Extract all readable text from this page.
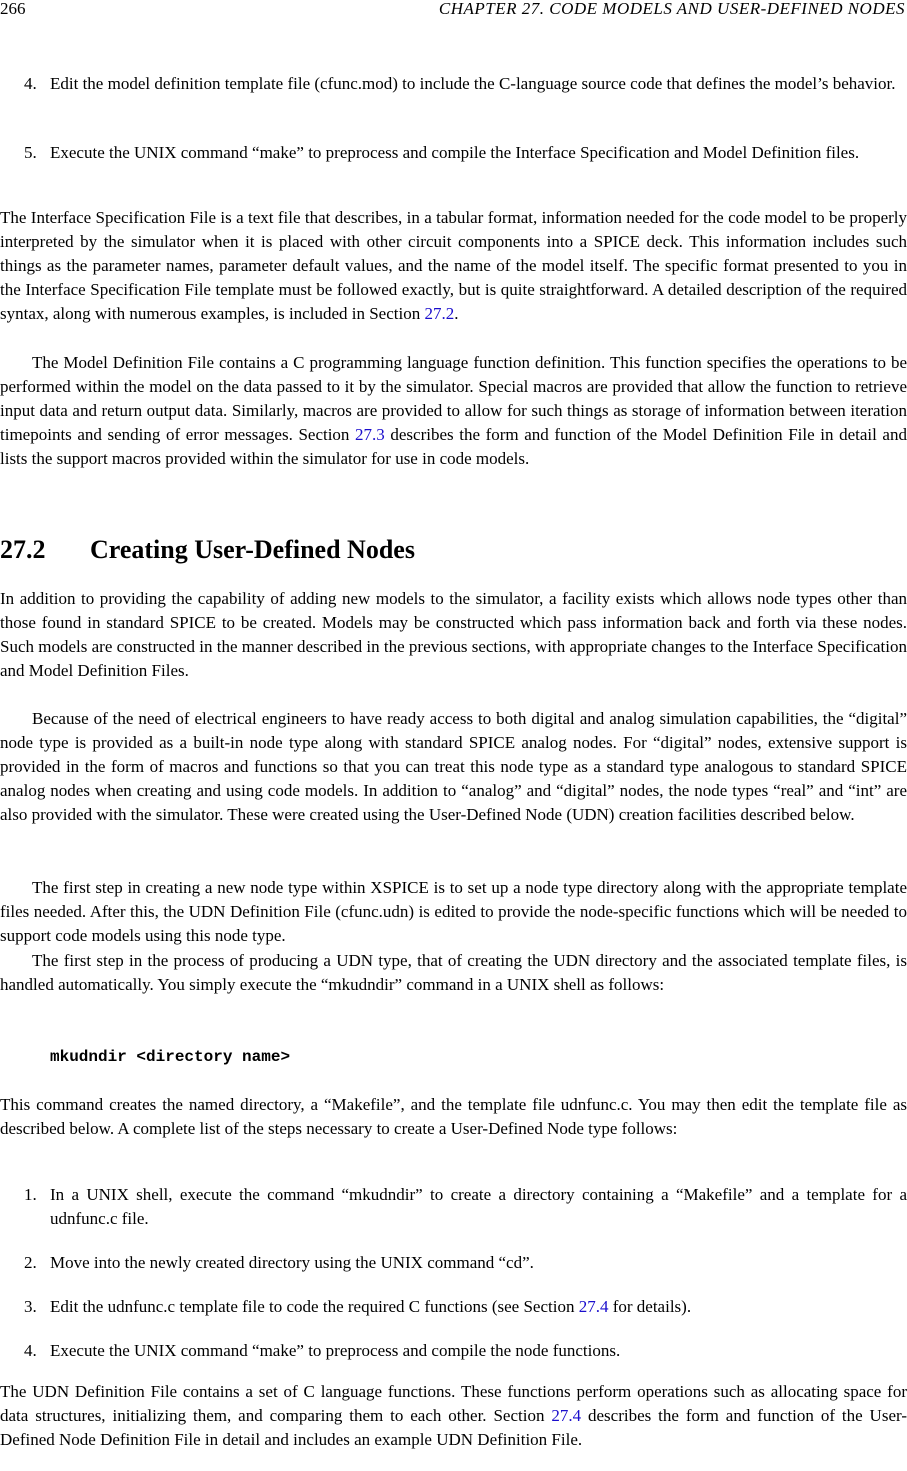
266	CHAPTER 27. CODE MODELS AND USER-DEFINED NODES
4. Edit the model definition template file (cfunc.mod) to include the C-language source code that defines the model’s behavior.
5. Execute the UNIX command “make” to preprocess and compile the Interface Specification and Model Definition files.

The Interface Specification File is a text file that describes, in a tabular format, information needed for the code model to be properly interpreted by the simulator when it is placed with other circuit components into a SPICE deck. This information includes such things as the parameter names, parameter default values, and the name of the model itself. The specific format presented to you in the Interface Specification File template must be followed exactly, but is quite straightforward. A detailed description of the required syntax, along with numerous examples, is included in Section 27.2.

The Model Definition File contains a C programming language function definition. This function specifies the operations to be performed within the model on the data passed to it by the simulator. Special macros are provided that allow the function to retrieve input data and return output data. Similarly, macros are provided to allow for such things as storage of information between iteration timepoints and sending of error messages. Section 27.3 describes the form and function of the Model Definition File in detail and lists the support macros provided within the simulator for use in code models.

27.2 Creating User-Defined Nodes

In addition to providing the capability of adding new models to the simulator, a facility exists which allows node types other than those found in standard SPICE to be created. Models may be constructed which pass information back and forth via these nodes. Such models are constructed in the manner described in the previous sections, with appropriate changes to the Interface Specification and Model Definition Files.

Because of the need of electrical engineers to have ready access to both digital and analog simulation capabilities, the “digital” node type is provided as a built-in node type along with standard SPICE analog nodes. For “digital” nodes, extensive support is provided in the form of macros and functions so that you can treat this node type as a standard type analogous to standard SPICE analog nodes when creating and using code models. In addition to “analog” and “digital” nodes, the node types “real” and “int” are also provided with the simulator. These were created using the User-Defined Node (UDN) creation facilities described below.

The first step in creating a new node type within XSPICE is to set up a node type directory along with the appropriate template files needed. After this, the UDN Definition File (cfunc.udn) is edited to provide the node-specific functions which will be needed to support code models using this node type.

The first step in the process of producing a UDN type, that of creating the UDN directory and the associated template files, is handled automatically. You simply execute the “mkudndir” command in a UNIX shell as follows:

mkudndir <directory name>

This command creates the named directory, a “Makefile”, and the template file udnfunc.c. You may then edit the template file as described below. A complete list of the steps necessary to create a User-Defined Node type follows:

1. In a UNIX shell, execute the command “mkudndir” to create a directory containing a “Makefile” and a template for a udnfunc.c file.
2. Move into the newly created directory using the UNIX command “cd”.
3. Edit the udnfunc.c template file to code the required C functions (see Section 27.4 for details).
4. Execute the UNIX command “make” to preprocess and compile the node functions.

The UDN Definition File contains a set of C language functions. These functions perform operations such as allocating space for data structures, initializing them, and comparing them to each other. Section 27.4 describes the form and function of the User-Defined Node Definition File in detail and includes an example UDN Definition File.
